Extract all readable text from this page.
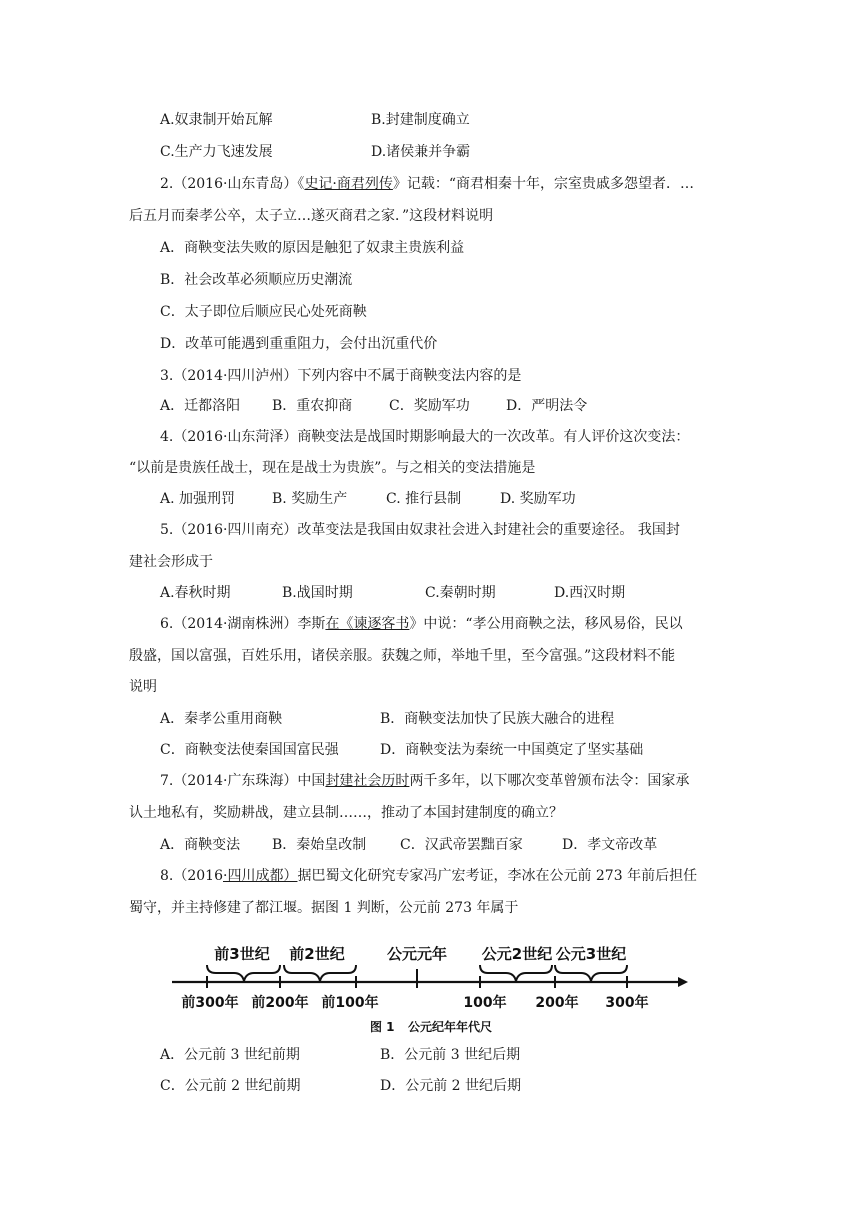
A.奴隶制开始瓦解	B.封建制度确立
C.生产力飞速发展	D.诸侯兼并争霸
2.（2016·山东青岛）《史记·商君列传》记载：“商君相秦十年，宗室贵戚多怨望者．…
后五月而秦孝公卒，太子立…遂灭商君之家．”这段材料说明
A．商鞅变法失败的原因是触犯了奴隶主贵族利益
B．社会改革必须顺应历史潮流
C．太子即位后顺应民心处死商鞅
D．改革可能遇到重重阻力，会付出沉重代价
3.（2014·四川泸州）下列内容中不属于商鞅变法内容的是
A．迁都洛阳 B．重农抑商	C．奖励军功	D．严明法令
4.（2016·山东菏泽）商鞅变法是战国时期影响最大的一次改革。有人评价这次变法：
“以前是贵族任战士，现在是战士为贵族”。与之相关的变法措施是
A. 加强刑罚	B. 奖励生产	C. 推行县制	D. 奖励军功
5.（2016·四川南充）改革变法是我国由奴隶社会进入封建社会的重要途径。 我国封
建社会形成于
A.春秋时期	B.战国时期	C.秦朝时期	D.西汉时期
6.（2014·湖南株洲）李斯在《谏逐客书》中说：“孝公用商鞅之法，移风易俗，民以
殷盛，国以富强，百姓乐用，诸侯亲服。获魏之师，举地千里，至今富强。”这段材料不能
说明
A．秦孝公重用商鞅	B．商鞅变法加快了民族大融合的进程
C．商鞅变法使秦国国富民强	D．商鞅变法为秦统一中国奠定了坚实基础
7.（2014·广东珠海）中国封建社会历时两千多年，以下哪次变革曾颁布法令：国家承
认土地私有，奖励耕战，建立县制……，推动了本国封建制度的确立？
A．商鞅变法 B．秦始皇改制 C．汉武帝罢黜百家	D．孝文帝改革
8.（2016·四川成都）据巴蜀文化研究专家冯广宏考证，李冰在公元前 273 年前后担任
蜀守，并主持修建了都江堰。据图 1 判断，公元前 273 年属于
前3世纪 前2世纪	公元元年 公元2世纪 公元3世纪
前300年 前200年 前100年	100年 200年 300年
图 1 公元纪年年代尺
A．公元前 3 世纪前期	B．公元前 3 世纪后期
C．公元前 2 世纪前期	D．公元前 2 世纪后期
